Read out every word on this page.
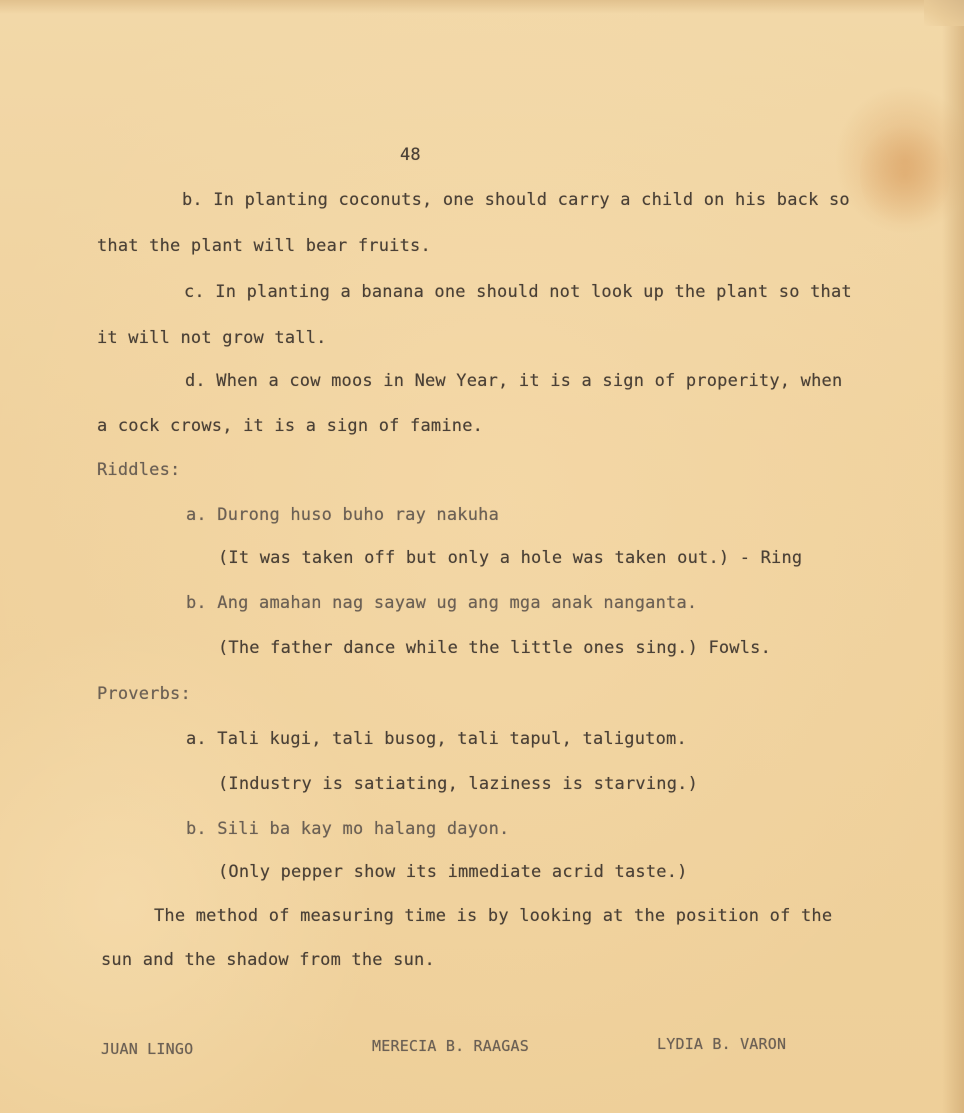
48

b. In planting coconuts, one should carry a child on his back so

that the plant will bear fruits.

c. In planting a banana one should not look up the plant so that

it will not grow tall.

d. When a cow moos in New Year, it is a sign of properity, when

a cock crows, it is a sign of famine.

Riddles:

a. Durong huso buho ray nakuha

(It was taken off but only a hole was taken out.) - Ring

b. Ang amahan nag sayaw ug ang mga anak nanganta.

(The father dance while the little ones sing.) Fowls.

Proverbs:

a. Tali kugi, tali busog, tali tapul, taligutom.

(Industry is satiating, laziness is starving.)

b. Sili ba kay mo halang dayon.

(Only pepper show its immediate acrid taste.)

The method of measuring time is by looking at the position of the

sun and the shadow from the sun.

JUAN LINGO	MERECIA B. RAAGAS	LYDIA B. VARON
